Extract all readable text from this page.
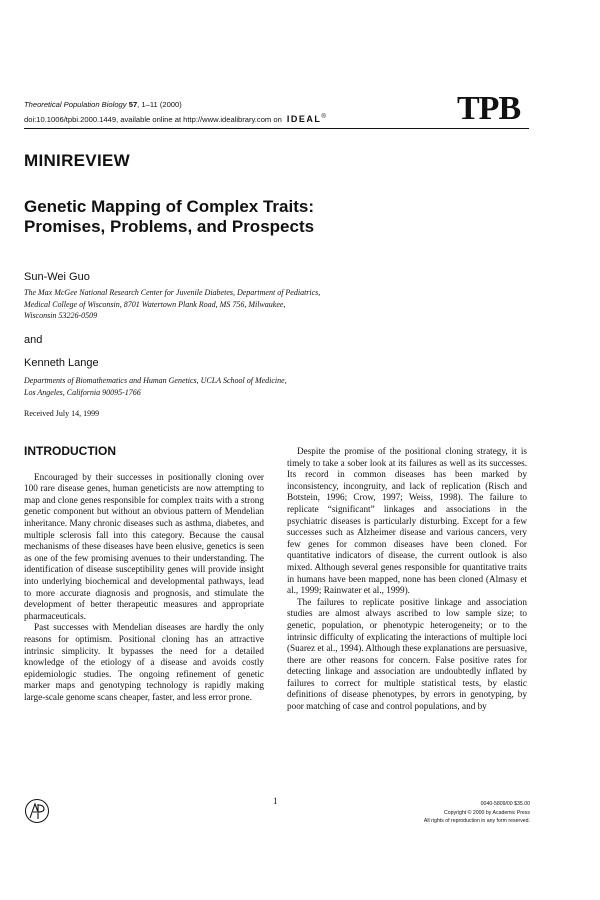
Theoretical Population Biology 57, 1–11 (2000)
doi:10.1006/tpbi.2000.1449, available online at http://www.idealibrary.com on IDEAL®	TPB
MINIREVIEW
Genetic Mapping of Complex Traits:
Promises, Problems, and Prospects
Sun-Wei Guo
The Max McGee National Research Center for Juvenile Diabetes, Department of Pediatrics,
Medical College of Wisconsin, 8701 Watertown Plank Road, MS 756, Milwaukee,
Wisconsin 53226-0509
and
Kenneth Lange
Departments of Biomathematics and Human Genetics, UCLA School of Medicine,
Los Angeles, California 90095-1766
Received July 14, 1999
INTRODUCTION

Encouraged by their successes in positionally cloning over 100 rare disease genes, human geneticists are now attempting to map and clone genes responsible for complex traits with a strong genetic component but without an obvious pattern of Mendelian inheritance. Many chronic diseases such as asthma, diabetes, and multiple sclerosis fall into this category. Because the causal mechanisms of these diseases have been elusive, genetics is seen as one of the few promising avenues to their understanding. The identification of disease susceptibility genes will provide insight into underlying biochemical and developmental pathways, lead to more accurate diagnosis and prognosis, and stimulate the development of better therapeutic measures and appropriate pharmaceuticals.

Past successes with Mendelian diseases are hardly the only reasons for optimism. Positional cloning has an attractive intrinsic simplicity. It bypasses the need for a detailed knowledge of the etiology of a disease and avoids costly epidemiologic studies. The ongoing refinement of genetic marker maps and genotyping technology is rapidly making large-scale genome scans cheaper, faster, and less error prone.

Despite the promise of the positional cloning strategy, it is timely to take a sober look at its failures as well as its successes. Its record in common diseases has been marked by inconsistency, incongruity, and lack of replication (Risch and Botstein, 1996; Crow, 1997; Weiss, 1998). The failure to replicate “significant” linkages and associations in the psychiatric diseases is particularly disturbing. Except for a few successes such as Alzheimer disease and various cancers, very few genes for common diseases have been cloned. For quantitative indicators of disease, the current outlook is also mixed. Although several genes responsible for quantitative traits in humans have been mapped, none has been cloned (Almasy et al., 1999; Rainwater et al., 1999).

The failures to replicate positive linkage and association studies are almost always ascribed to low sample size; to genetic, population, or phenotypic heterogeneity; or to the intrinsic difficulty of explicating the interactions of multiple loci (Suarez et al., 1994). Although these explanations are persuasive, there are other reasons for concern. False positive rates for detecting linkage and association are undoubtedly inflated by failures to correct for multiple statistical tests, by elastic definitions of disease phenotypes, by errors in genotyping, by poor matching of case and control populations, and by

1	0040-5809/00 $35.00
Copyright © 2000 by Academic Press
All rights of reproduction in any form reserved.
